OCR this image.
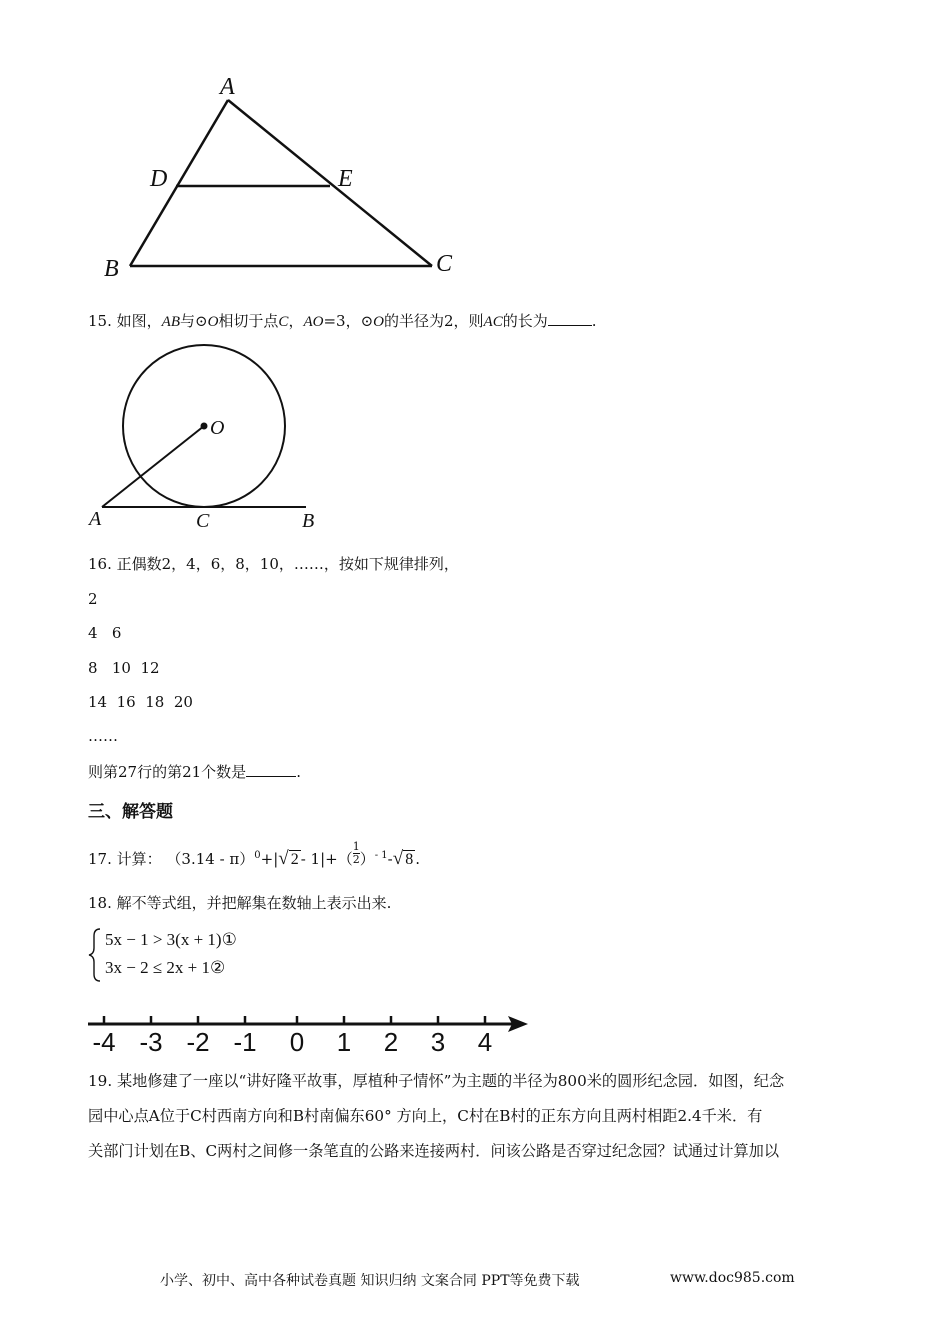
A
D	E
B	C
15. 如图，AB与⊙O相切于点C，AO=3，⊙O的半径为2，则AC的长为	.
O
A	C	B
16. 正偶数2，4，6，8，10，……，按如下规律排列，
2
4   6
8   10  12
14  16  18  20
……
则第27行的第21个数是	.
三、解答题
17. 计算： （3.14 - π）$^0$+|√ $2 - 1|+( \frac{1}{2} )^{- 1}-√$ 8 .
18. 解不等式组，并把解集在数轴上表示出来.
5x − 1 > 3(x + 1)①
3x − 2 ≤ 2x + 1②
-4 -3 -2 -1 0 1 2 3 4
19. 某地修建了一座以“讲好隆平故事，厚植种子情怀”为主题的半径为800米的圆形纪念园．如图，纪念
园中心点A位于C村西南方向和B村南偏东60° 方向上，C村在B村的正东方向且两村相距2.4千米．有
关部门计划在B、C两村之间修一条笔直的公路来连接两村．问该公路是否穿过纪念园？试通过计算加以
小学、初中、高中各种试卷真题 知识归纳 文案合同 PPT等免费下载	www.doc985.com
